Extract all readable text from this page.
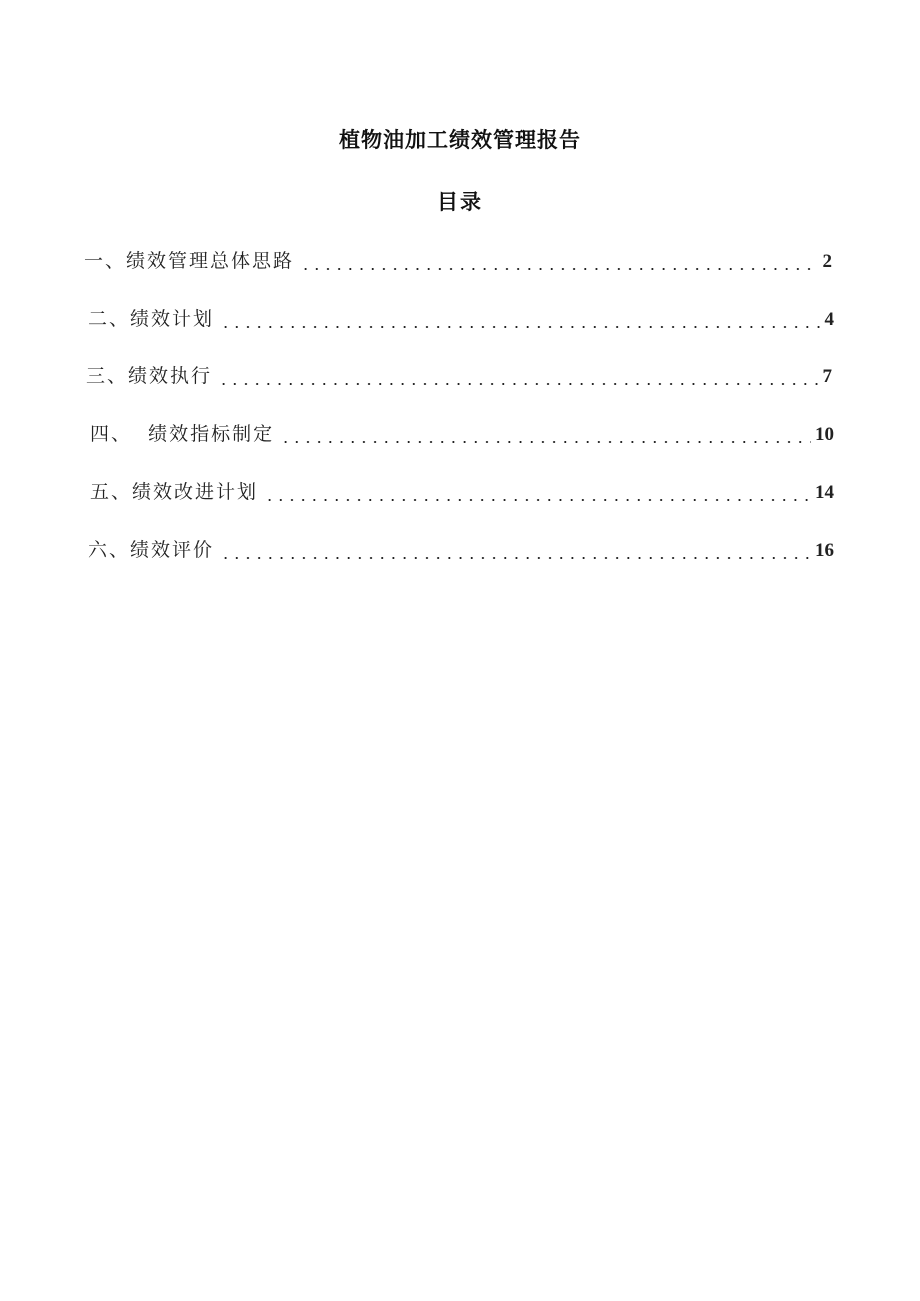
植物油加工绩效管理报告
目录
一、绩效管理总体思路	2
二、绩效计划	4
三、绩效执行	7
四、  绩效指标制定	10
五、绩效改进计划	14
六、绩效评价	16
